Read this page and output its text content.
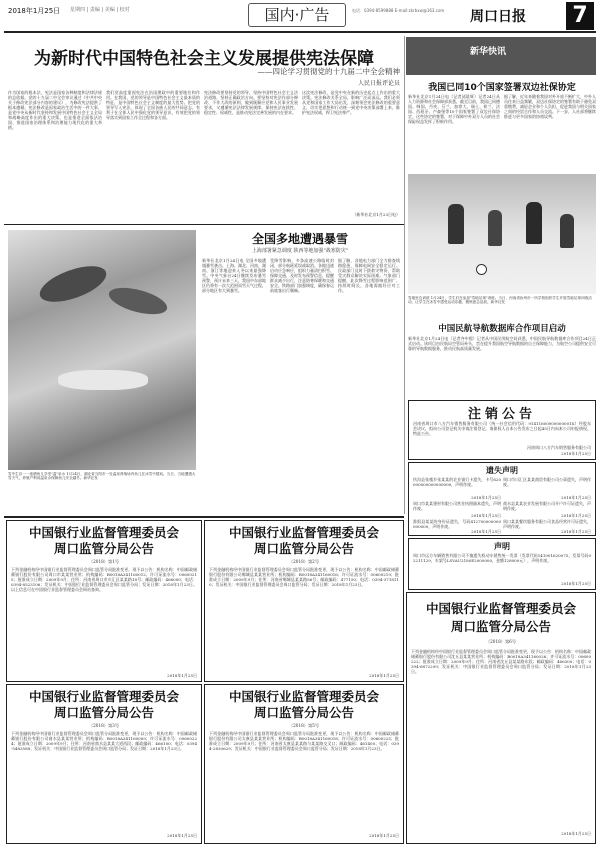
2018年1月25日 星期四 | 责编 | 美编 | 校对	国内·广告	电话：0394-8599888 E-mail:zkrbxw@163.com 周口日报 7
为新时代中国特色社会主义发展提供宪法保障
——四论学习贯彻党的十九届二中全会精神
人民日报评论员
作为国家的根本法，宪法是国家各种制度和法律法规的总依据。党的十九届二中全会审议通过《中共中央关于修改宪法部分内容的建议》，为修改宪法提供了根本遵循。宪法修改是国家政治生活中的一件大事，是党中央从新时代坚持和发展中国特色社会主义全局和战略高度作出的重大决策，也是推进全面依法治国、推进国家治理体系和治理能力现代化的重大举措。
我们党高度重视宪法在治国理政中的重要地位和作用。在我国，党的领导是中国特色社会主义最本质的特征，是中国特色社会主义制度的最大优势。把党的领导写入宪法，体现了全国各族人民的共同意志，有利于在全体人民中强化党的领导意识，有效把党的领导落实到国家工作全过程和各方面。
宪法修改要坚持党的领导，坚持中国特色社会主义法治道路，坚持正确政治方向。要坚持对宪法作部分修改、不作大改的原则，做到既顺应党和人民事业发展要求，又遵循宪法法律发展规律。保持宪法连续性、稳定性、权威性，是推动宪法完善发展的内在要求。
这次宪法修改，是党中央在新的历史起点上作出的重大决策。宪法修改关系全局，影响广泛而深远。我们必须从党和国家工作大局出发，深刻领会宪法修改的重要意义，切实把思想和行动统一到党中央决策部署上来，维护宪法权威，捍卫宪法尊严。
（新华社北京1月23日电）
新华快讯
我国已同10个国家签署双边社保协定
新华社北京1月24日电（记者邱晨辉）记者24日从人力资源和社会保障部获悉，截至目前，我国已同德国、韩国、丹麦、芬兰、加拿大、瑞士、荷兰、法国、西班牙、卢森堡等10个国家签署了双边社保协定。这些协定的签署，对于保障中外双方人员的社会保险权益发挥了积极作用。
据了解，近年来随着我国对外开放不断扩大，中外人员往来日益频繁，双边社保协定的签署有助于避免双重缴费，减轻企业和个人负担，促进我国与相关国家之间的经贸合作和人员交流。下一步，人社部将继续推进与更多国家的协商谈判。
雪地里边训练 1月24日，学生们在参加"雪地足球"训练。当日，河南省汝州市一所学校组织学生开展雪地足球训练活动，让学生在冰雪中感受运动乐趣，锻炼意志品质。新华社发
全国多地遭遇暴雪
上海部署紧急调度 陕西等地加强"战寒防灾"
新华社北京1月24日电 全国多地遭遇暴雪袭击。上海、湖北、河南、湖南、浙江等地迎来入冬以来最强降雪。中央气象台24日继续发布暴雪预警，预计未来三天，我国中东部地区仍将有一次大范围雨雪天气过程，部分地区有大到暴雪。
受降雪影响，多条高速公路临时封闭，部分航班延误或取消。各地迅速启动应急响应，组织力量清扫积雪、保障交通，及时发布预警信息，提醒群众减少出行，注意防寒保暖和交通安全。铁路部门加强调度，确保春运前旅客出行顺畅。
据了解，各地电力部门全力排查线路隐患，保障电网安全稳定运行。民政部门及时下拨救灾物资，帮助受灾群众解决实际困难。气象部门提醒，此次降雪过程影响范围广、持续时间长，各地需做好应对工作。
雪中生存一一池塘鱼儿享受"温"泉水 1月24日，湖北省当阳市一处温泉养殖场内鱼儿在冰雪中嬉戏。当日，当地遭遇大雪天气，养殖户利用温泉水保障鱼儿安全越冬。新华社发
中国民航导航数据库合作项目启动
新华社北京1月24日电（记者齐中熙）记者从中国民用航空局获悉，中国民航导航数据库合作项目24日正式启动。该项目由民航局空管局牵头，旨在提升我国航空导航数据的自主保障能力，为航空公司提供安全可靠的导航数据服务，推动民航高质量发展。
注销公告
河南省周口市八方汽车销售服务有限公司（统一社会信用代码：91411600000000001X）经股东会决议，拟向公司登记机关申请注销登记。请债权人自本公告发布之日起45日内向本公司申报债权。特此公告。
河南周口八方汽车销售服务有限公司
2018年1月25日
遗失声明
扶沟县张楼乡张某某的农业银行卡遗失，卡号620000000000000000，声明作废。
2018年1月25日
周口市川汇区某某商贸有限公司公章遗失，声明作废。
2018年1月25日
周口市某某建材有限公司营业执照副本遗失，声明作废。
2018年1月25日
商水县某某农业发展有限公司开户许可证遗失，声明作废。
2018年1月25日
淮阳县某某的身份证遗失，号码412700000000000000，声明作废。
2018年1月25日
周口某某餐饮服务有限公司食品经营许可证遗失，声明作废。
2018年1月25日
声明
周口市远方车辆销售有限公司不慎遗失机动车销售统一发票（发票代码141001620075，发票号码02211129，车架号LSVAU2180E2000000，金额128000元），声明作废。
2018年1月25日
中国银行业监督管理委员会
周口监管分局公告
（2018）第1号
下列金融机构经中国银行业监督管理委员会周口监管分局批准变更，现予以公告：机构名称：中国邮政储蓄银行股份有限公司周口市某某营业所；机构编码：B0018A341160012；许可证流水号：00600215；批准成立日期：2009年9月；住所：河南省周口市川汇区某某路18号；邮政编码：466000；电话：0394-8523106；发证机关：中国银行业监督管理委员会周口监管分局；发证日期：2018年1月23日。以上信息可在中国银行业监督管理委员会网站查询。
2018年1月25日
中国银行业监督管理委员会
周口监管分局公告
（2018）第2号
下列金融机构经中国银行业监督管理委员会周口监管分局批准变更，现予以公告：机构名称：中国邮政储蓄银行股份有限公司郸城县某某营业所；机构编码：B0018A341160016；许可证流水号：00600219；批准成立日期：2009年9月；住所：河南省郸城县某某路56号；邮政编码：477150；电话：0394-3718110；发证机关：中国银行业监督管理委员会周口监管分局；发证日期：2018年1月23日。
2018年1月25日
中国银行业监督管理委员会
周口监管分局公告
（2018）第3号
下列金融机构经中国银行业监督管理委员会周口监管分局批准变更，现予以公告：机构名称：中国邮政储蓄银行股份有限公司商水县某某营业所；机构编码：B0018A341160009；许可证流水号：00600224；批准成立日期：2009年9月；住所：河南省商水县某某大道西段；邮政编码：466100；电话：0394-5483588；发证机关：中国银行业监督管理委员会周口监管分局；发证日期：2018年1月23日。
2018年1月25日
中国银行业监督管理委员会
周口监管分局公告
（2018）第5号
下列金融机构经中国银行业监督管理委员会周口监管分局批准变更，现予以公告：机构名称：中国邮政储蓄银行股份有限公司太康县某某营业所；机构编码：B0018A341160018；许可证流水号：00600225；批准成立日期：2009年9月；住所：河南省太康县某某路与某某路交叉口；邮政编码：461400；电话：0394-2830629；发证机关：中国银行业监督管理委员会周口监管分局；发证日期：2018年1月23日。
2018年1月25日
中国银行业监督管理委员会
周口监管分局公告
（2018）第6号
下列金融机构经中国银行业监督管理委员会周口监管分局批准变更，现予以公告：机构名称：中国邮政储蓄银行股份有限公司沈丘县某某营业所；机构编码：B0018A341160026；许可证流水号：00600222；批准成立日期：2009年9月；住所：河南省沈丘县某某路东段；邮政编码：466300；电话：0394-6872299；发证机关：中国银行业监督管理委员会周口监管分局；发证日期：2018年1月23日。
2018年1月25日
